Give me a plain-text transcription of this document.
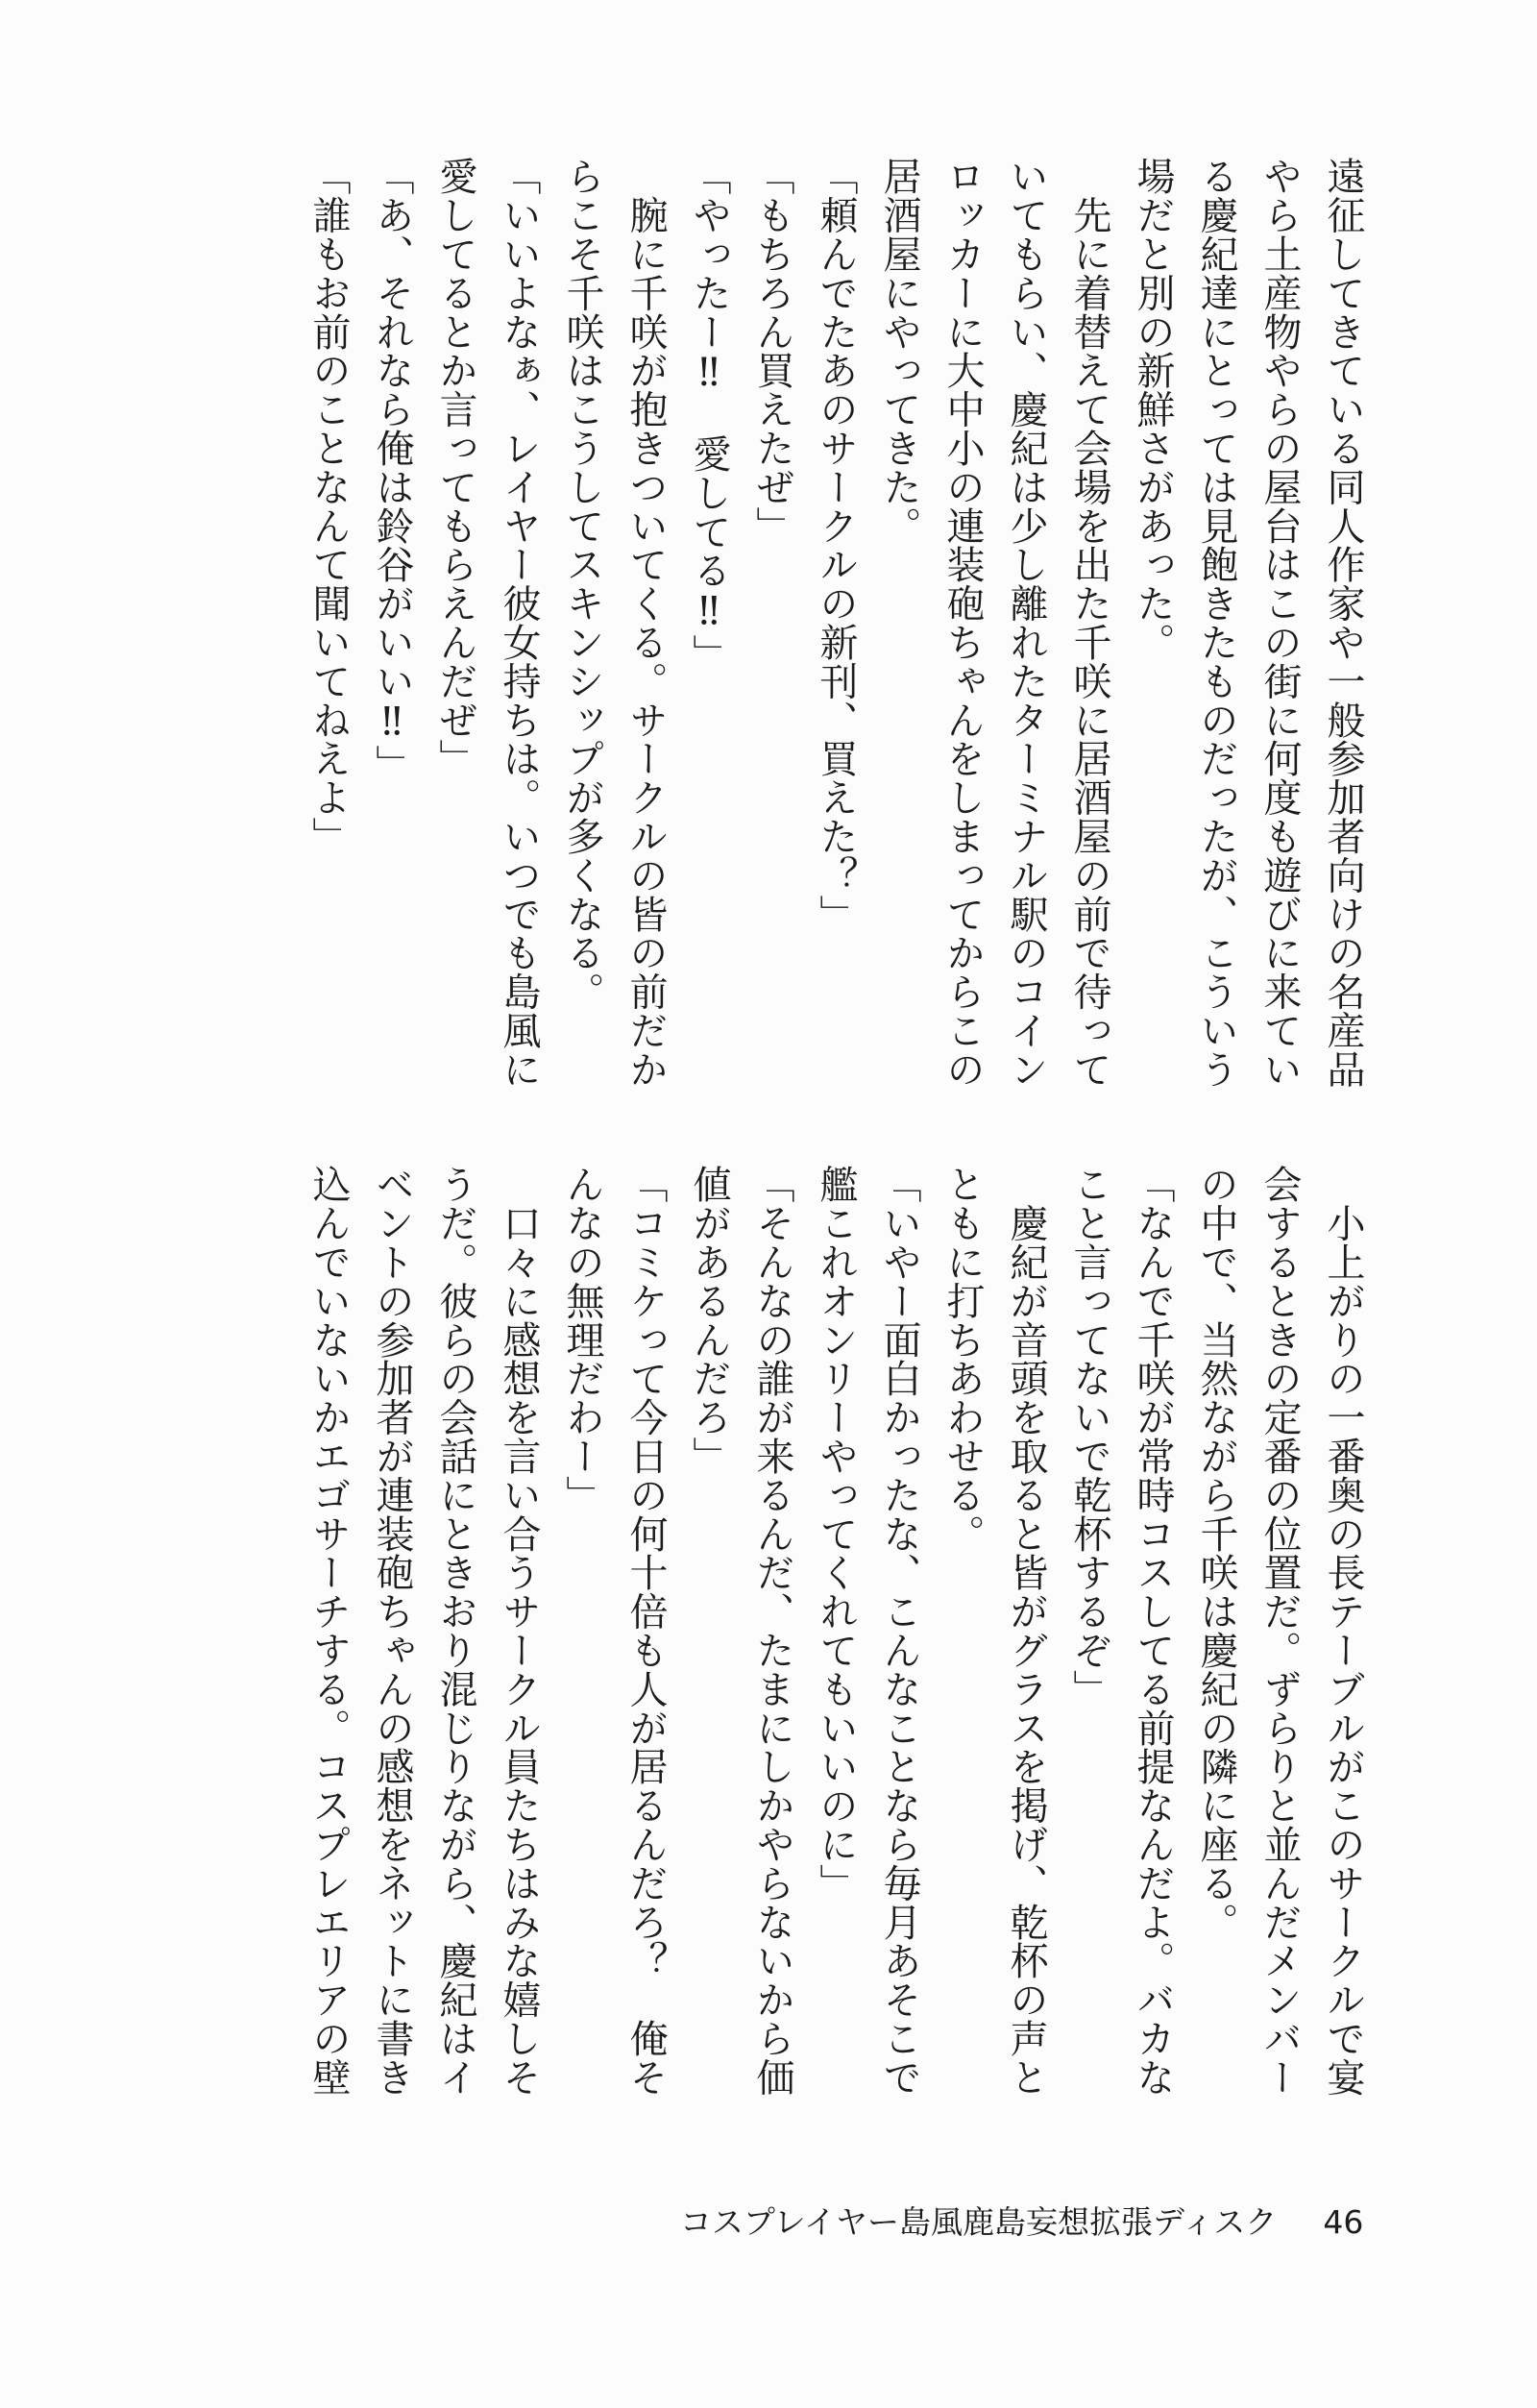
遠征してきている同人作家や一般参加者向けの名産品
やら土産物やらの屋台はこの街に何度も遊びに来てい
る慶紀達にとっては見飽きたものだったが、こういう
場だと別の新鮮さがあった。
　先に着替えて会場を出た千咲に居酒屋の前で待って
いてもらい、慶紀は少し離れたターミナル駅のコイン
ロッカーに大中小の連装砲ちゃんをしまってからこの
居酒屋にやってきた。
「頼んでたあのサークルの新刊、買えた？」
「もちろん買えたぜ」
「やったー‼　愛してる‼」
　腕に千咲が抱きついてくる。サークルの皆の前だか
らこそ千咲はこうしてスキンシップが多くなる。
「いいよなぁ、レイヤー彼女持ちは。いつでも島風に
愛してるとか言ってもらえんだぜ」
「あ、それなら俺は鈴谷がいい‼」
「誰もお前のことなんて聞いてねえよ」
　小上がりの一番奥の長テーブルがこのサークルで宴
会するときの定番の位置だ。ずらりと並んだメンバー
の中で、当然ながら千咲は慶紀の隣に座る。
「なんで千咲が常時コスしてる前提なんだよ。バカな
こと言ってないで乾杯するぞ」
　慶紀が音頭を取ると皆がグラスを掲げ、乾杯の声と
ともに打ちあわせる。
「いやー面白かったな、こんなことなら毎月あそこで
艦これオンリーやってくれてもいいのに」
「そんなの誰が来るんだ、たまにしかやらないから価
値があるんだろ」
「コミケって今日の何十倍も人が居るんだろ？　俺そ
んなの無理だわー」
　口々に感想を言い合うサークル員たちはみな嬉しそ
うだ。彼らの会話にときおり混じりながら、慶紀はイ
ベントの参加者が連装砲ちゃんの感想をネットに書き
込んでいないかエゴサーチする。コスプレエリアの壁
コスプレイヤー島風鹿島妄想拡張ディスク 46
